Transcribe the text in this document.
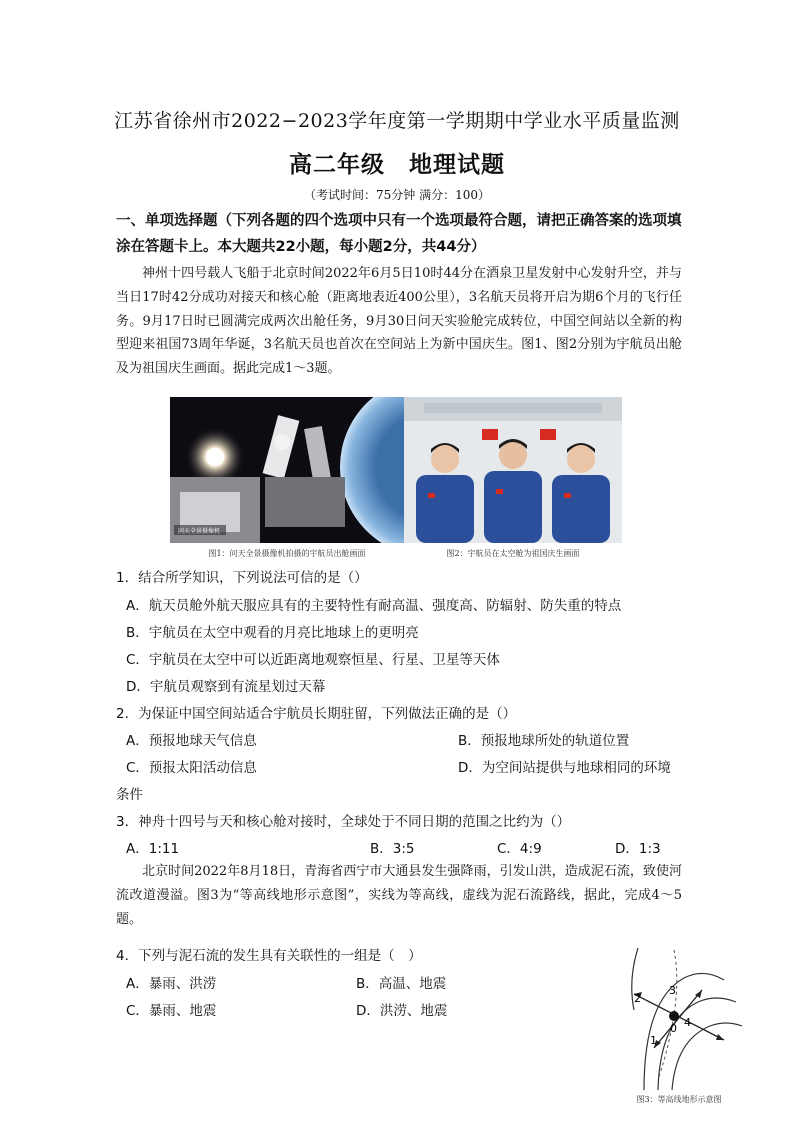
江苏省徐州市2022−2023学年度第一学期期中学业水平质量监测
高二年级　地理试题
（考试时间：75分钟 满分：100）
一、单项选择题（下列各题的四个选项中只有一个选项最符合题，请把正确答案的选项填涂在答题卡上。本大题共22小题，每小题2分，共44分）
神州十四号载人飞船于北京时间2022年6月5日10时44分在酒泉卫星发射中心发射升空，并与当日17时42分成功对接天和核心舱（距离地表近400公里），3名航天员将开启为期6个月的飞行任务。9月17日时已圆满完成两次出舱任务，9月30日问天实验舱完成转位，中国空间站以全新的构型迎来祖国73周年华诞，3名航天员也首次在空间站上为新中国庆生。图1、图2分别为宇航员出舱及为祖国庆生画面。据此完成1～3题。
问天全景摄像机
图1：问天全景摄像机拍摄的宇航员出舱画面	图2：宇航员在太空舱为祖国庆生画面
1．结合所学知识，下列说法可信的是（）
A．航天员舱外航天服应具有的主要特性有耐高温、强度高、防辐射、防失重的特点
B．宇航员在太空中观看的月亮比地球上的更明亮
C．宇航员在太空中可以近距离地观察恒星、行星、卫星等天体
D．宇航员观察到有流星划过天幕
2．为保证中国空间站适合宇航员长期驻留，下列做法正确的是（）
A．预报地球天气信息	B．预报地球所处的轨道位置
C．预报太阳活动信息	D．为空间站提供与地球相同的环境
条件
3．神舟十四号与天和核心舱对接时，全球处于不同日期的范围之比约为（）
A．1:11	B．3:5	C．4:9	D．1:3
北京时间2022年8月18日，青海省西宁市大通县发生强降雨，引发山洪，造成泥石流，致使河流改道漫溢。图3为“等高线地形示意图”，实线为等高线，虚线为泥石流路线，据此，完成4～5题。
4．下列与泥石流的发生具有关联性的一组是（　）
A．暴雨、洪涝	B．高温、地震
C．暴雨、地震	D．洪涝、地震
1
2
3
0 4
图3：等高线地形示意图
